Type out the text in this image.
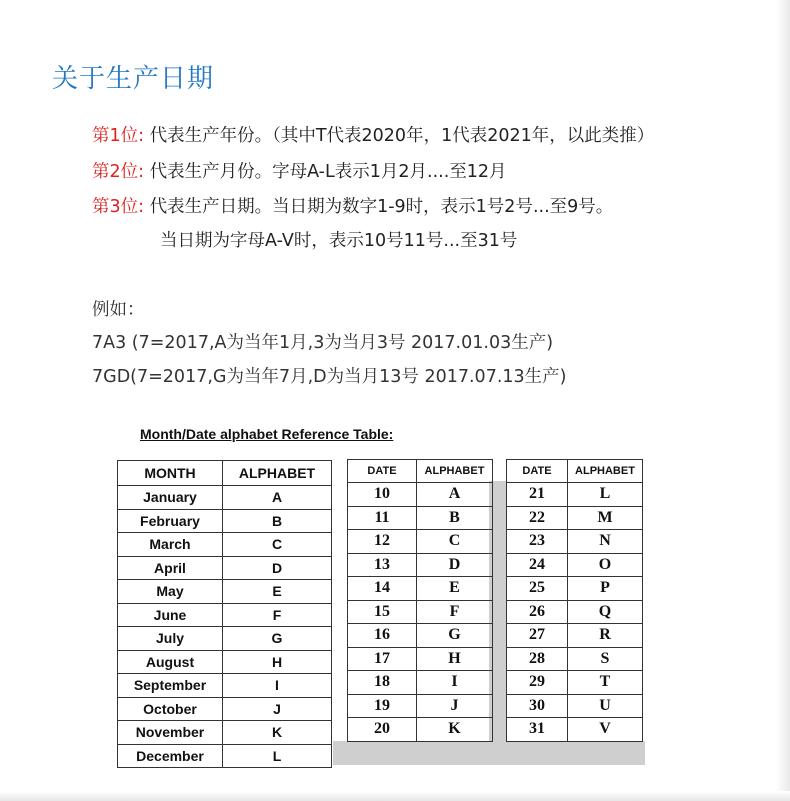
关于生产日期
第1位: 代表生产年份。（其中T代表2020年，1代表2021年，以此类推）
第2位: 代表生产月份。字母A-L表示1月2月....至12月
第3位: 代表生产日期。当日期为数字1-9时，表示1号2号...至9号。
当日期为字母A-V时，表示10号11号...至31号
例如：
7A3 (7=2017,A为当年1月,3为当月3号 2017.01.03生产)
7GD(7=2017,G为当年7月,D为当月13号 2017.07.13生产)
Month/Date alphabet Reference Table:
MONTH	ALPHABET
January	A
February	B
March	C
April	D
May	E
June	F
July	G
August	H
September	I
October	J
November	K
December	L
DATE	ALPHABET
10	A
11	B
12	C
13	D
14	E
15	F
16	G
17	H
18	I
19	J
20	K
DATE	ALPHABET
21	L
22	M
23	N
24	O
25	P
26	Q
27	R
28	S
29	T
30	U
31	V
